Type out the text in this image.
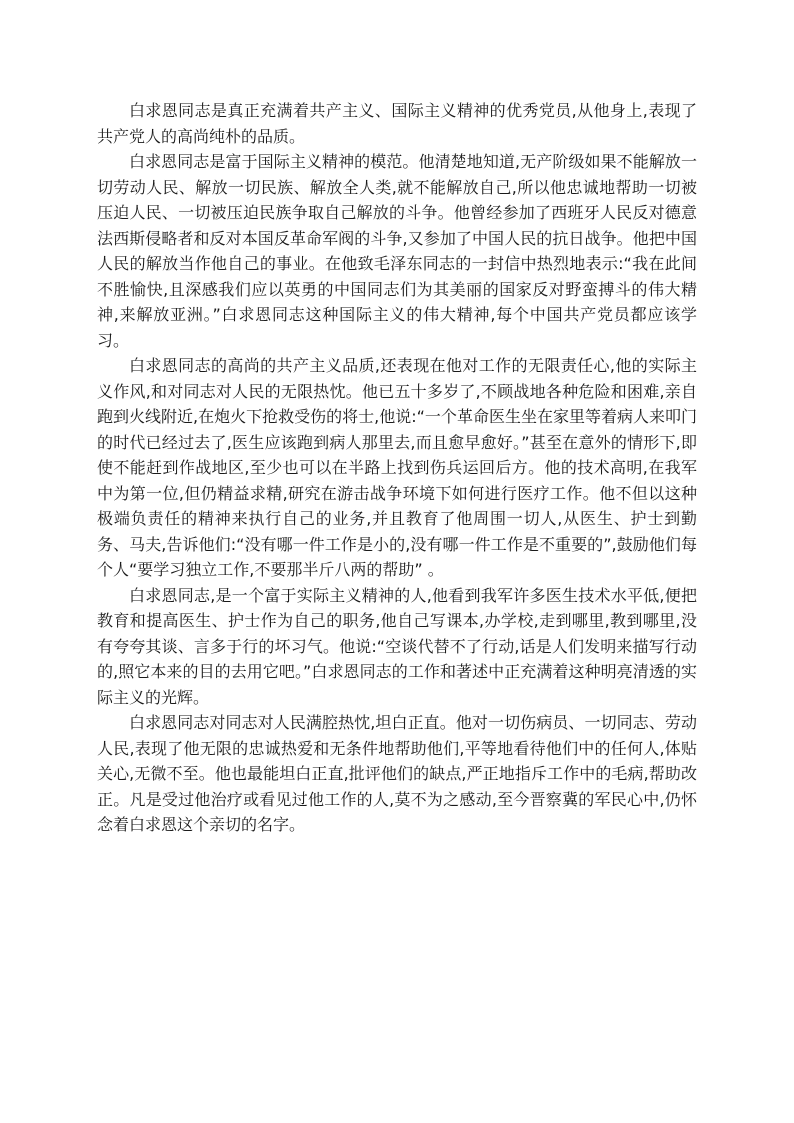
白求恩同志是真正充满着共产主义、国际主义精神的优秀党员,从他身上,表现了共产党人的高尚纯朴的品质。

白求恩同志是富于国际主义精神的模范。他清楚地知道,无产阶级如果不能解放一切劳动人民、解放一切民族、解放全人类,就不能解放自己,所以他忠诚地帮助一切被压迫人民、一切被压迫民族争取自己解放的斗争。他曾经参加了西班牙人民反对德意法西斯侵略者和反对本国反革命军阀的斗争,又参加了中国人民的抗日战争。他把中国人民的解放当作他自己的事业。在他致毛泽东同志的一封信中热烈地表示:“我在此间不胜愉快,且深感我们应以英勇的中国同志们为其美丽的国家反对野蛮搏斗的伟大精神,来解放亚洲。”白求恩同志这种国际主义的伟大精神,每个中国共产党员都应该学习。

白求恩同志的高尚的共产主义品质,还表现在他对工作的无限责任心,他的实际主义作风,和对同志对人民的无限热忱。他已五十多岁了,不顾战地各种危险和困难,亲自跑到火线附近,在炮火下抢救受伤的将士,他说:“一个革命医生坐在家里等着病人来叩门的时代已经过去了,医生应该跑到病人那里去,而且愈早愈好。”甚至在意外的情形下,即使不能赶到作战地区,至少也可以在半路上找到伤兵运回后方。他的技术高明,在我军中为第一位,但仍精益求精,研究在游击战争环境下如何进行医疗工作。他不但以这种极端负责任的精神来执行自己的业务,并且教育了他周围一切人,从医生、护士到勤务、马夫,告诉他们:“没有哪一件工作是小的,没有哪一件工作是不重要的”,鼓励他们每个人“要学习独立工作,不要那半斤八两的帮助” 。

白求恩同志,是一个富于实际主义精神的人,他看到我军许多医生技术水平低,便把教育和提高医生、护士作为自己的职务,他自己写课本,办学校,走到哪里,教到哪里,没有夸夸其谈、言多于行的坏习气。他说:“空谈代替不了行动,话是人们发明来描写行动的,照它本来的目的去用它吧。”白求恩同志的工作和著述中正充满着这种明亮清透的实际主义的光辉。

白求恩同志对同志对人民满腔热忱,坦白正直。他对一切伤病员、一切同志、劳动人民,表现了他无限的忠诚热爱和无条件地帮助他们,平等地看待他们中的任何人,体贴关心,无微不至。他也最能坦白正直,批评他们的缺点,严正地指斥工作中的毛病,帮助改正。凡是受过他治疗或看见过他工作的人,莫不为之感动,至今晋察冀的军民心中,仍怀念着白求恩这个亲切的名字。
